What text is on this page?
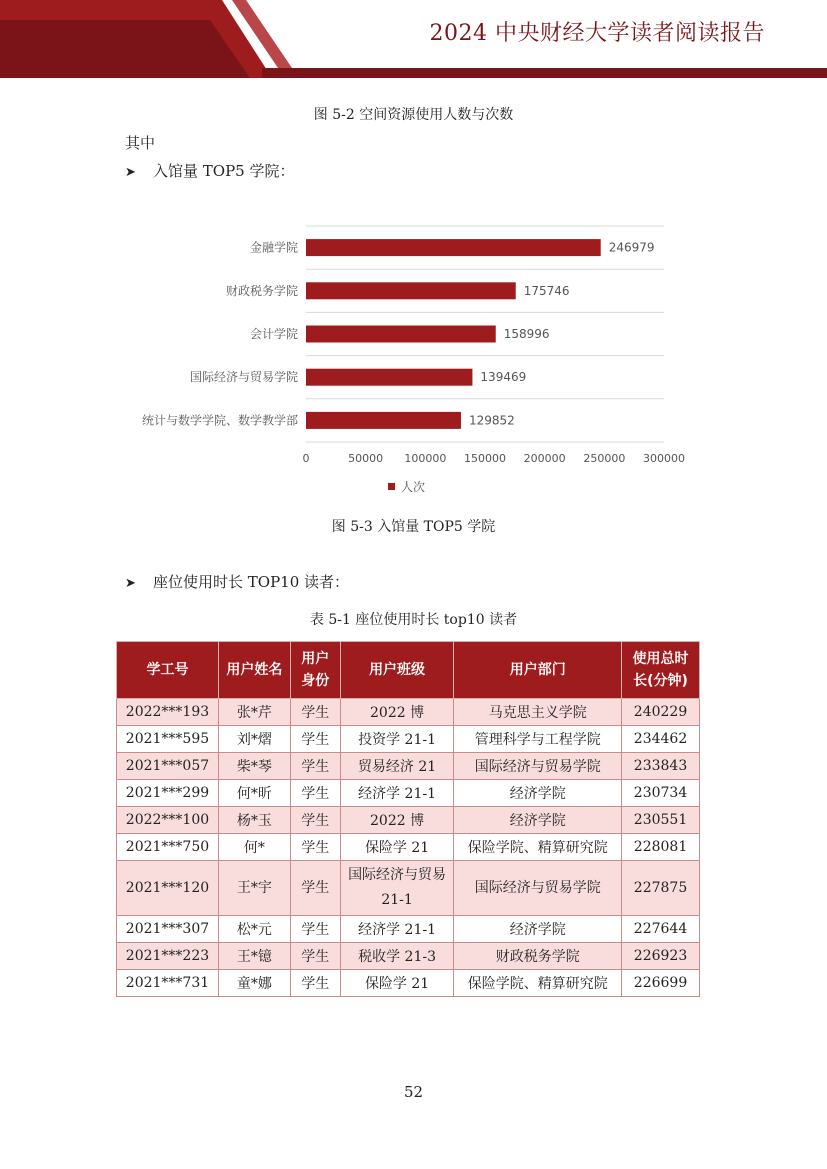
2024 中央财经大学读者阅读报告
图 5-2 空间资源使用人数与次数
其中
➤ 入馆量 TOP5 学院：
金融学院	246979
财政税务学院	175746
会计学院	158996
国际经济与贸易学院	139469
统计与数学学院、数学教学部	129852
0	50000 100000 150000 200000 250000 300000
人次
图 5-3 入馆量 TOP5 学院
➤ 座位使用时长 TOP10 读者：
表 5-1 座位使用时长 top10 读者
学工号	用户姓名	用户身份	用户班级	用户部门	使用总时长(分钟)
2022***193	张*芹	学生	2022 博	马克思主义学院	240229
2021***595	刘*熠	学生	投资学 21-1	管理科学与工程学院	234462
2021***057	柴*琴	学生	贸易经济 21	国际经济与贸易学院	233843
2021***299	何*昕	学生	经济学 21-1	经济学院	230734
2022***100	杨*玉	学生	2022 博	经济学院	230551
2021***750	何*	学生	保险学 21	保险学院、精算研究院	228081
2021***120	王*宇	学生	国际经济与贸易 21-1	国际经济与贸易学院	227875
2021***307	松*元	学生	经济学 21-1	经济学院	227644
2021***223	王*镱	学生	税收学 21-3	财政税务学院	226923
2021***731	童*娜	学生	保险学 21	保险学院、精算研究院	226699
52
